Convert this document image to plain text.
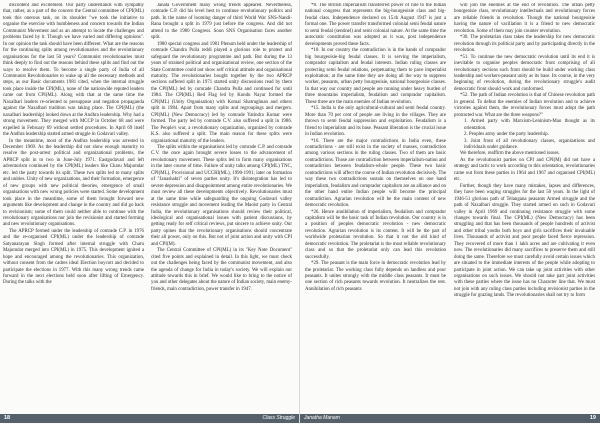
discontent and excitement. Our party understands with sympathy that, rather, as a part of the concern the Central committee of CPI(ML) took this onerous task, on its shoulder "we took the initiative to organise the exercise with humbleness and concern towards the Indian Communist Movement and as an attempt to locate the challenges and problems faced by it. Though we have varied and differing opinions". In our opinion the task should have been different. What are the reasons for the continuing splits among revolutionaries and the revolutionary organisations for the last 50 years? Communist revolutionaries must think deeply to find out the reasons behind these splits and find out the ways to resolve them. To become a single party of India of all Communist Revolutionaries to wake up all the necessary methods and steps, as our Basic documents 1981 cited, when the internal struggle took place inside the CPI(ML), none of the nationwide reputed leaders came out from CPI(ML). Along with that at the same time the Naxalbari leaders re-oriented to presuppose and negation propaganda against the Naxalbari tradition was taking place. The CPI(ML) (the naxalbari leadership) looked down at the Andhra leadership. Why had a strong movement. They merged with MCCP in October 68 and were expelled in February 69 without settled procedures. In April 69 itself the Andhra leadership started armed struggle in Godavari valley.

In the meantime, most of the Andhra leadership was arrested in December 1969. As the leadership did not show enough maturity to resolve the post-arrest political and organizational problems, the APRCP split in to two in June-July 1971. Eastgodavari and left adventurism continued by the CPI(ML) leaders like Charu Majumdar etc. led the party towards its split. These two splits led to many splits and unities. Unity of new organizations, and their formation, emergence of new groups with new political theories, emergence of small organisations with new wrong policies were started. Some development took place in the meantime, some of them brought forward new arguments like development and change in the country and did go back to revisionism; some of them could neither able to continue with the revolutionary organisations nor join the revisionist and started forming and new revolutionary organisations.

The APRCP formed under the leadership of comrade C.P. in 1976 and the re-organised CPI(ML) under the leadership of comrade Satyanarayan Singh formed after internal struggle with Charu Majumdar merged into CPI(ML) in 1975. This development ignited a hope and encouraged among the revolutionaries. This organization, without consent from the cadres ideal Election boycott and decided to participate the elections in 1977. With this many wrong trends came forward in the next elections held soon after lifting of Emergency. During the talks with the

Janata Government many wrong trends appeared. Nevertheless, comrade C.P. did his level best to continue revolutionary politics and path. In the name of looming danger of third World War SNS-Nandi-Rana brought a split in 1979 just before the congress. And did not attend to the 1980 Congress. Soon SNS Organisation faces another split.

1980 special congress and 1981 Plenum held under the leadership of comrade Chandra Pulla reddi played a glorious role to protect and safeguard the revolutionary programme and path. But during the 13 years of strained political and organisational review, one section of the State Committee could not show self critical attitude and organisational maturity. The revolutionaries bought together by the two APRCP sections suffered split in 1971 started unity discussions read by them the CPI(ML) led by comrade Chandra Pulla and continued for until 1984. The CPI(ML) Red Flag led by Kondu Nayar formed the CPI(ML) (Unity Organisation) with Komal Shatrughnan and others split in 1984. Apart from many splits and regroupings and mergers. CPI(ML) (New Democracy) led by comrade Yatindra Kumar were formed. The party led by comrade C.V. also suffered a split in 1986. The People's war, a revolutionary organization, organized by comrade K.S. also suffered a split. The main reason for these splits were organisational maturity of the leaders.

The splits within the organisations led by comrade C.P. and comrade C.V. the once again brought severe losses to the advancement of revolutionary movement. These splits led to form many organisations in the later course of time. Failure of unity talks among CPI(ML) TNC, CPI(ML), Provisional and UCCRI(ML), 1990-1991; later on formation of "Janashakti" of seven parties unity. It's disintegration has led to severe depression and disappointment among entire revolutionaries. We must review all these developments objectively. Revolutionaries must at the same time while safeguarding the ongoing Godavari valley resistance struggle and movement leading the Maoist party in Central India, the revolutionary organisations should review their political, ideological and organisational issues with patient discussions, by getting ready for self critical reviews, put sincere to achieve unity. Our party opines that the revolutionary organisations should concentrate their all power, only on this. But not of joint action and unity with CPI and CPI(M).

The Central Committee of CPI(ML) in its "Key Note Document" cited five points and explained in detail. In this light, we must check out the challenges being faced by the communist movement, and also the agenda of change for India in today's society. We will explain our attitude towards this in brief. We would like to bring to the notice of you and other delegates about the nature of Indian society, main enemy-friends, main contradiction, power transfer in 1947.

18	Class Struggle

*8. The British imperialism transferred power of rule to the Indian national congress that represents the big-bourgeoisie class and big-feudal class. Independence declared on 15.th August 1947 is just a formal one. The power transfer transformed colonial semi feudal nature to semi feudal (sentinel) and semi colonial nature. At the same time the autocratic constitution was adopted as it was, post independence developments proved these facts.

*10. In our country the contradiction is in the hands of comprador big bourgeoisie-big feudal classes. It is serving the imperialism, comprador capitalism and feudal interests. Indian ruling classes are protecting semi feudal relations, perpetuating them to pave imperialist exploitation; at the same time they are doing all the way to suppress worker, peasants, urban petty bourgeoisie, national bourgeoisie classes. In that way our country and people are running under heavy burden of three mountains imperialism, feudalism and comprador capitalism. These three are the main enemies of Indian revolution.

*15. India is the only agricultural-cultural and semi feudal country. More than 70 per cent of people are living in the villages. They are thrown to semi feudal suppression and exploitation. Feudalism is a friend to imperialism and its base. Peasant liberation is the crucial issue in Indian revolution.

*16. There are the major contradictions in India even, these contradictions - are still exist in the society of masses, contradiction among various sections in the ruling classes. Two of them are basic contradictions. Those are contradiction between imperialism-nation and contradiction between feudalism-whole people. These two basic contradictions will affect the course of Indian revolution decisively. The way these two contradictions sustain on themselves on one hand imperialism, feudalism and comprador capitalism are an alliance and on the other hand entire Indian people will become the principal contradiction. Agrarian revolution will be the main content of new democratic revolution.

*26. Hence annihilation of imperialism, feudalism and comprador capitalism will be the basic task of Indian revolution. Our country is in a position of peoples democratic revolution - new democratic revolution. Agrarian revolution is its content. It will be the part of worldwide proletarian revolution. So that it not the old kind of democratic revolution. The proletariat is the most reliable revolutionary class and so that the proletariat only can lead this revolution successfully.

*29. The peasant is the main force in democratic revolution lead by the proletariat. The working class fully depends on landless and poor peasants. It unites strongly with the middle class peasants. It must be one section of rich peasants towards revolution. It neutralizes the rest. Annihilation of rich peasants

will join the enemies at the end of revolution. The urban petty bourgeoisie class, revolutionary intellectuals and revolutionary forces are reliable friends in revolution. Though the national bourgeoisie having the nature of vacillation it is a friend to new democratic revolution. Some of them may join counter revolution.

*30. The proletarian class takes the leadership for new democratic revolution through its political party and by participating directly in the revolution.

*51. To continue the new democratic revolution until its end it is inevitable to organise peoples democratic front comprising of all revolutionary sections such front should be build under working class leadership and workers-peasant unity as its base. Its course, in the very beginning of revolution, during the revolutionary struggle's audit democratic front should work and conformed.

*52. The path of Indian revolution is that of Chinese revolution path in general. To defeat the enemies of Indian revolution and to achieve victories against them, the revolutionary forces must adopt the path protracted war. What are the three weapons?"

1. Armed party with Marxism-Leninism-Mao thought as its orientation.
2. Peoples army under the party leadership.
3. Joint front of all revolutionary classes, organizations and individuals under guidance.

We therefore, reaffirm the above mentioned issues.

As the revolutionist parties on CPI and CPI(M) did not have a strategy and tactic to work according to this orientation, revolutionaries came out from these parties in 1964 and 1967 and organised CPI(ML) etc.

Further, though they have many mistakes, lapses and differences, they have been waging struggles for the last 50 years. In the light of 1946-51 glorious path of Telangana peasants Armed struggle and the path of Naxalbari struggle. They started armed on such in Godavari valley in April 1969 and continuing resistance struggle with some changes towards final. The CPI(ML) (New Democracy) has been struggling and that has been thousands of people hundreds of activist and other tribal youths both boys and girls sacrifices their invaluable lives. Thousands of activist and poor people faced fierce repression. They recovered of more than 1 lakh acres and are cultivating it even now. The revolutionaries did many sacrifices to preserve them and still doing the same. Therefore we must carefully avoid certain issues which are situated to the immediate interests of the people while adopting to participate in joint action. We can take up joint activities with other organisations on such issues. We should not take part joint activities with these parties where the issue has no Character line that. We must not join with any ruling class parties including revisionist parties in the struggle for grazing lands. The revolutionaries shall not try to form

Janatha Manam	19
